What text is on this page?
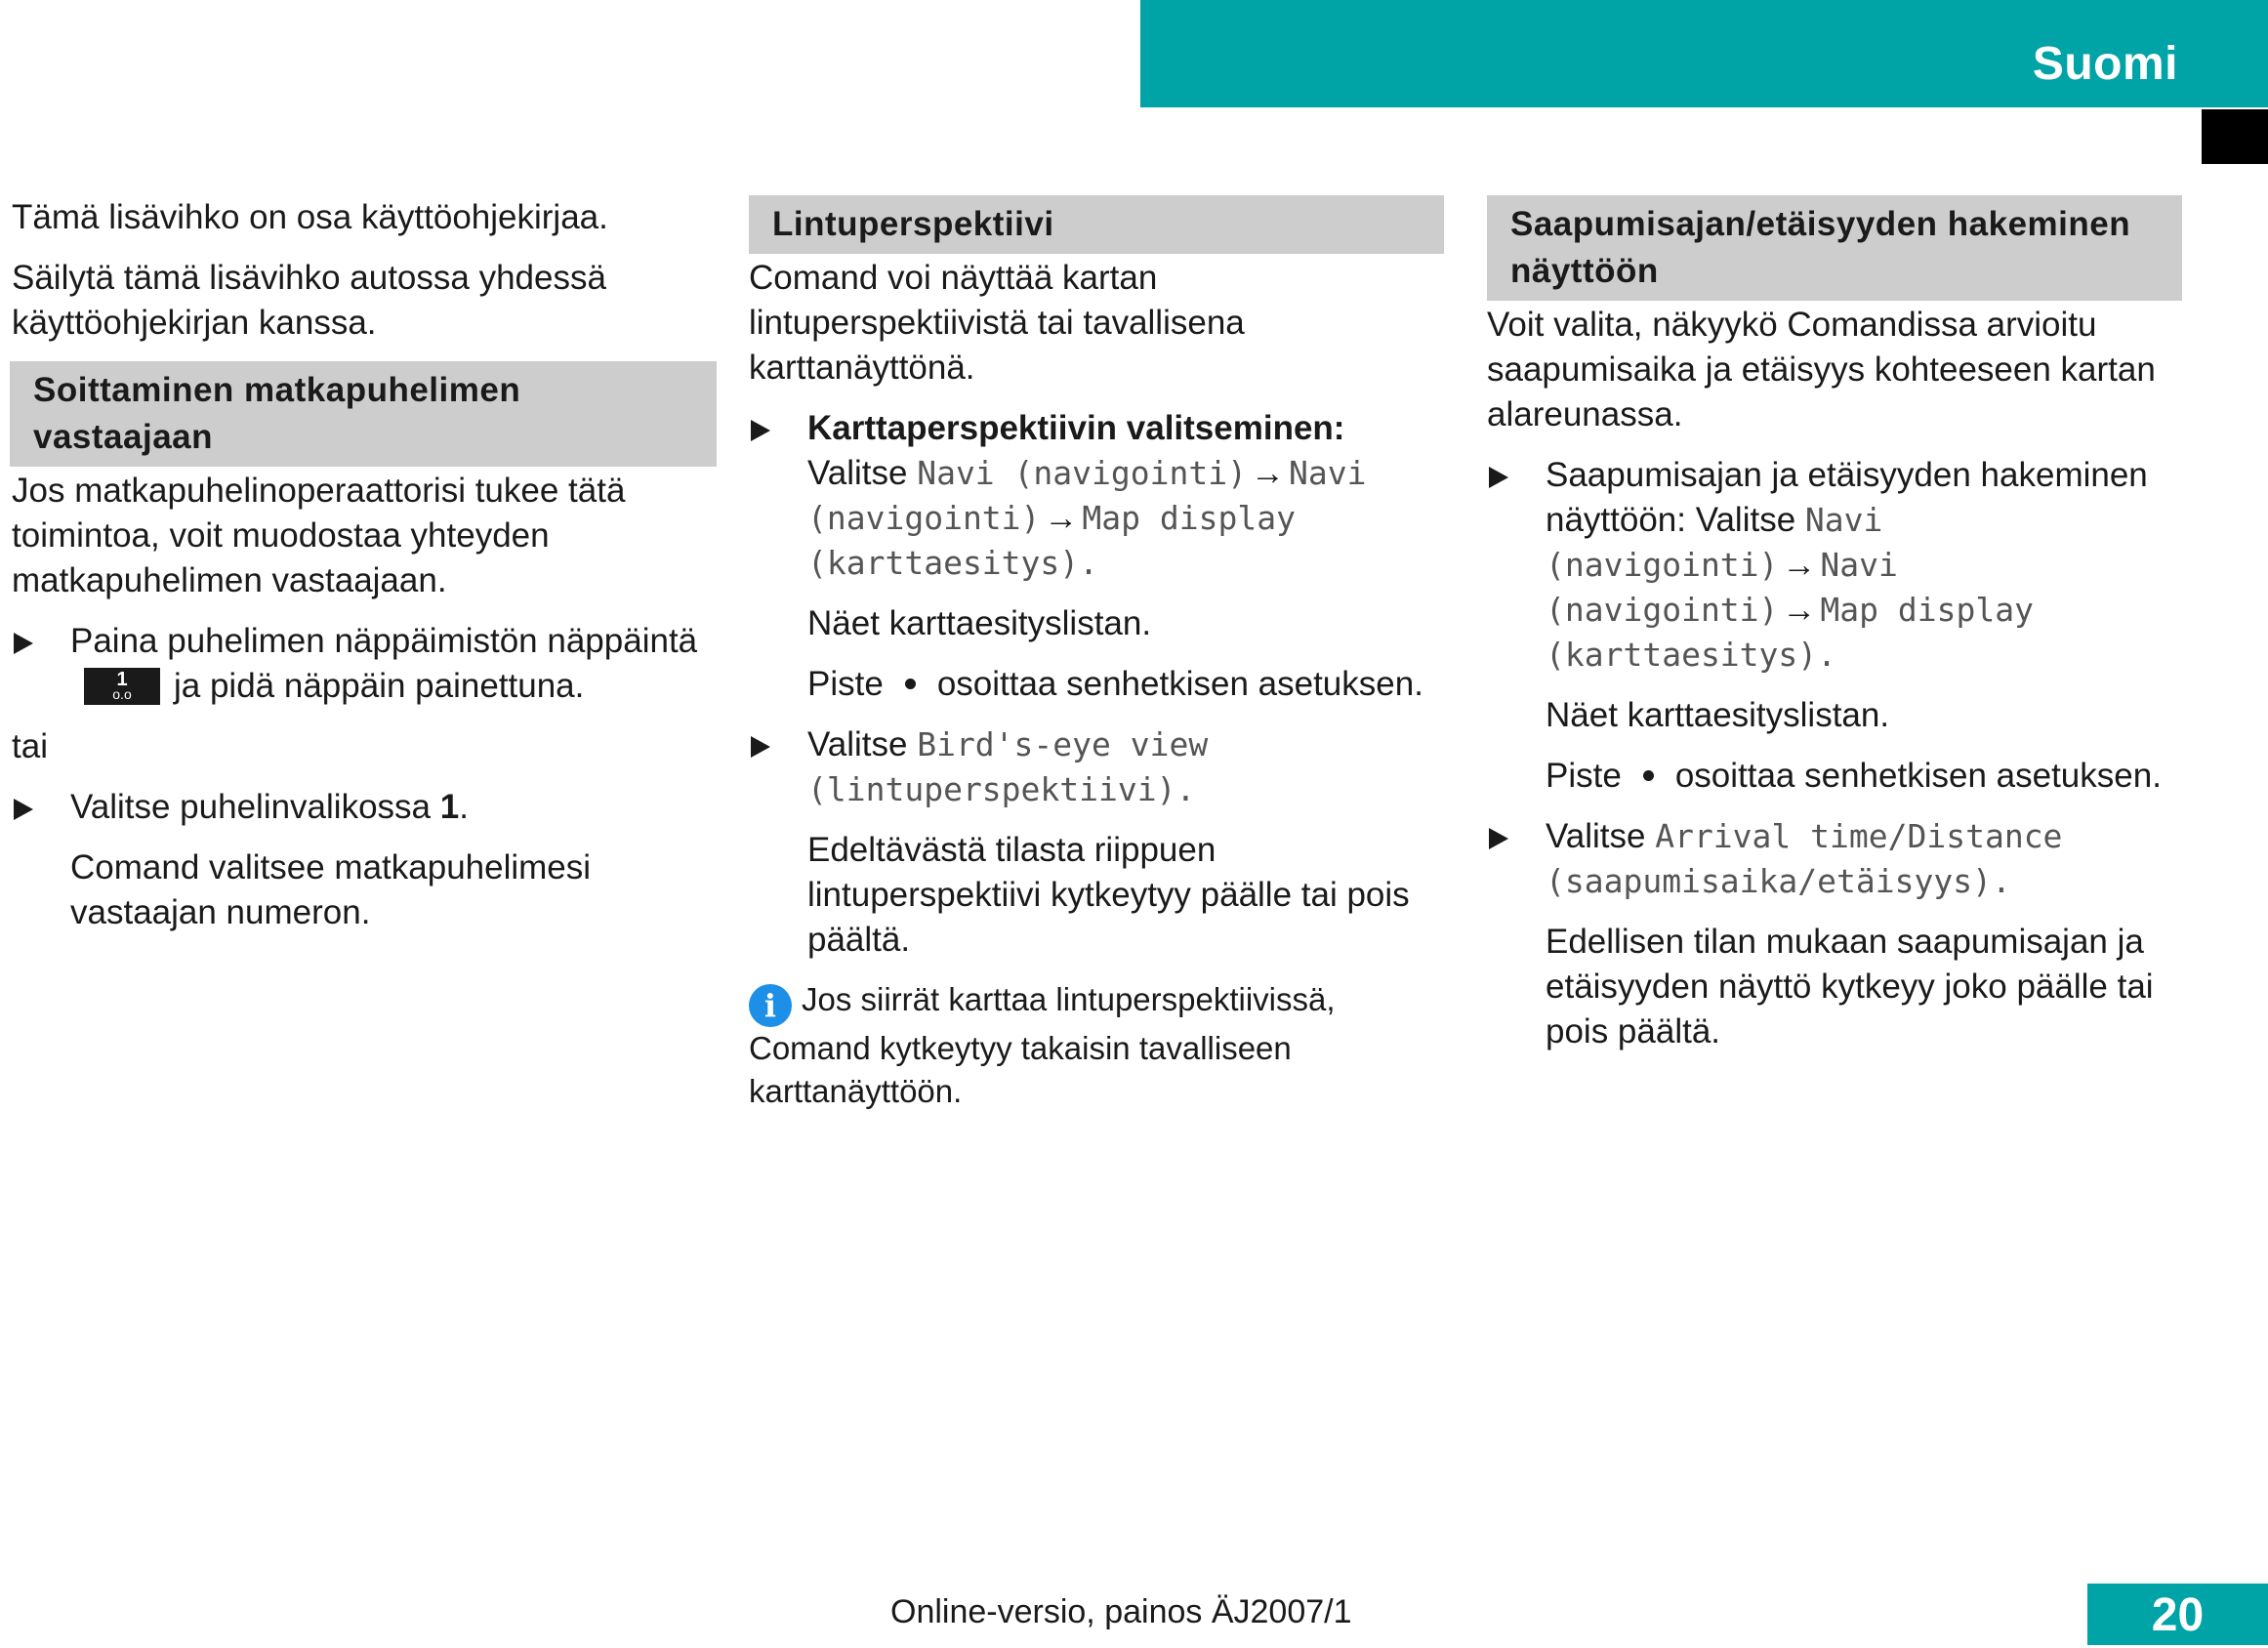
Suomi

Tämä lisävihko on osa käyttöohjekirjaa.

Säilytä tämä lisävihko autossa yhdessä käyttöohjekirjan kanssa.

Soittaminen matkapuhelimen vastaajaan

Jos matkapuhelinoperaattorisi tukee tätä toimintoa, voit muodostaa yhteyden matkapuhelimen vastaajaan.

Paina puhelimen näppäimistön näppäintä
1
o.o	ja pidä näppäin painettuna.

tai

Valitse puhelinvalikossa 1.

Comand valitsee matkapuhelimesi vastaajan numeron.

Lintuperspektiivi

Comand voi näyttää kartan lintuperspektiivistä tai tavallisena karttanäyttönä.

Karttaperspektiivin valitseminen:
Valitse Navi (navigointi) → Navi (navigointi) → Map display (karttaesitys).

Näet karttaesityslistan.

Piste osoittaa senhetkisen asetuksen.

Valitse Bird's-eye view (lintuperspektiivi).

Edeltävästä tilasta riippuen lintuperspektiivi kytkeytyy päälle tai pois päältä.

i Jos siirrät karttaa lintuperspektiivissä, Comand kytkeytyy takaisin tavalliseen karttanäyttöön.

Saapumisajan/etäisyyden hakeminen näyttöön

Voit valita, näkyykö Comandissa arvioitu saapumisaika ja etäisyys kohteeseen kartan alareunassa.

Saapumisajan ja etäisyyden hakeminen näyttöön: Valitse Navi (navigointi) → Navi (navigointi) → Map display (karttaesitys).

Näet karttaesityslistan.

Piste osoittaa senhetkisen asetuksen.

Valitse Arrival time/Distance (saapumisaika/etäisyys).

Edellisen tilan mukaan saapumisajan ja etäisyyden näyttö kytkeyy joko päälle tai pois päältä.

Online-versio, painos ÄJ2007/1	20
